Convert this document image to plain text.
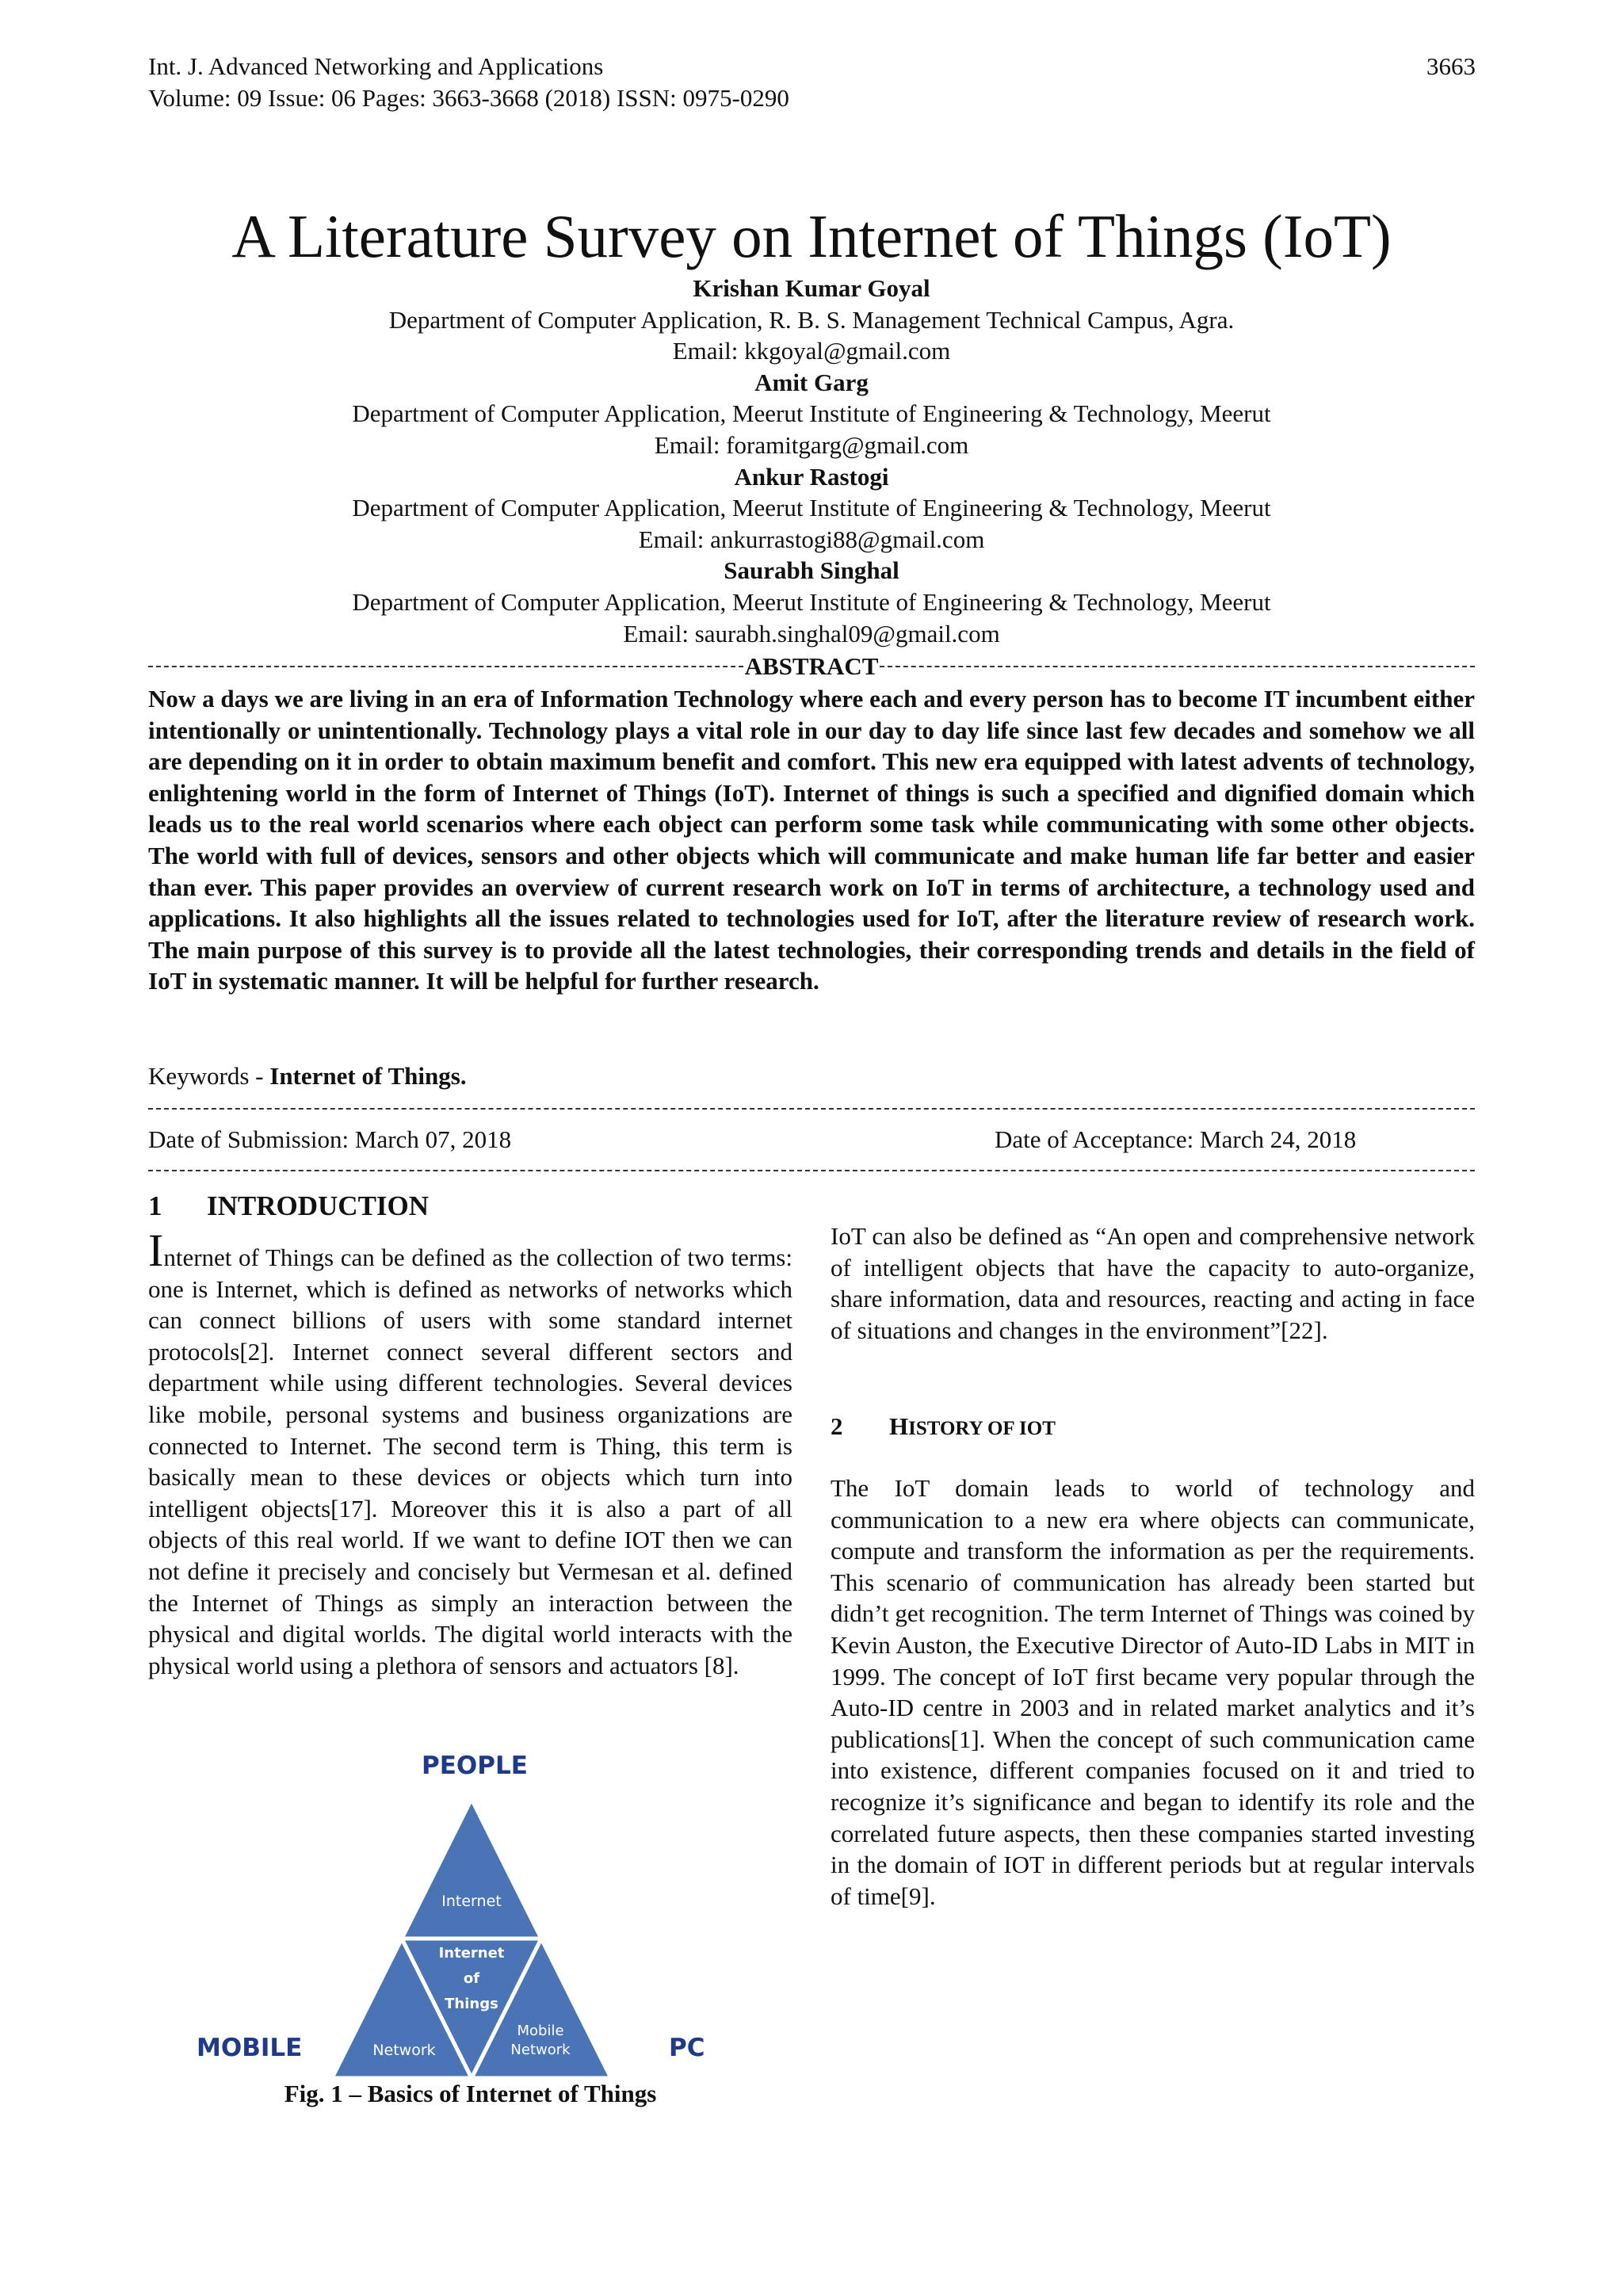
Int. J. Advanced Networking and Applications
Volume: 09 Issue: 06 Pages: 3663-3668 (2018) ISSN: 0975-0290
3663
A Literature Survey on Internet of Things (IoT)
Krishan Kumar Goyal
Department of Computer Application, R. B. S. Management Technical Campus, Agra.
Email: kkgoyal@gmail.com
Amit Garg
Department of Computer Application, Meerut Institute of Engineering & Technology, Meerut
Email: foramitgarg@gmail.com
Ankur Rastogi
Department of Computer Application, Meerut Institute of Engineering & Technology, Meerut
Email: ankurrastogi88@gmail.com
Saurabh Singhal
Department of Computer Application, Meerut Institute of Engineering & Technology, Meerut
Email: saurabh.singhal09@gmail.com
ABSTRACT
Now a days we are living in an era of Information Technology where each and every person has to become IT incumbent either intentionally or unintentionally. Technology plays a vital role in our day to day life since last few decades and somehow we all are depending on it in order to obtain maximum benefit and comfort. This new era equipped with latest advents of technology, enlightening world in the form of Internet of Things (IoT). Internet of things is such a specified and dignified domain which leads us to the real world scenarios where each object can perform some task while communicating with some other objects. The world with full of devices, sensors and other objects which will communicate and make human life far better and easier than ever. This paper provides an overview of current research work on IoT in terms of architecture, a technology used and applications. It also highlights all the issues related to technologies used for IoT, after the literature review of research work. The main purpose of this survey is to provide all the latest technologies, their corresponding trends and details in the field of IoT in systematic manner. It will be helpful for further research.
Keywords - Internet of Things.
Date of Submission: March 07, 2018	Date of Acceptance: March 24, 2018
1 INTRODUCTION
Internet of Things can be defined as the collection of two terms: one is Internet, which is defined as networks of networks which can connect billions of users with some standard internet protocols[2]. Internet connect several different sectors and department while using different technologies. Several devices like mobile, personal systems and business organizations are connected to Internet. The second term is Thing, this term is basically mean to these devices or objects which turn into intelligent objects[17]. Moreover this it is also a part of all objects of this real world. If we want to define IOT then we can not define it precisely and concisely but Vermesan et al. defined the Internet of Things as simply an interaction between the physical and digital worlds. The digital world interacts with the physical world using a plethora of sensors and actuators [8].
IoT can also be defined as “An open and comprehensive network of intelligent objects that have the capacity to auto-organize, share information, data and resources, reacting and acting in face of situations and changes in the environment”[22].
2 HISTORY OF IOT
The IoT domain leads to world of technology and communication to a new era where objects can communicate, compute and transform the information as per the requirements. This scenario of communication has already been started but didn’t get recognition. The term Internet of Things was coined by Kevin Auston, the Executive Director of Auto-ID Labs in MIT in 1999. The concept of IoT first became very popular through the Auto-ID centre in 2003 and in related market analytics and it’s publications[1]. When the concept of such communication came into existence, different companies focused on it and tried to recognize it’s significance and began to identify its role and the correlated future aspects, then these companies started investing in the domain of IOT in different periods but at regular intervals of time[9].
PEOPLE
MOBILE	PC
Internet
Internet
of
Things
Network
Mobile
Network
Fig. 1 – Basics of Internet of Things
